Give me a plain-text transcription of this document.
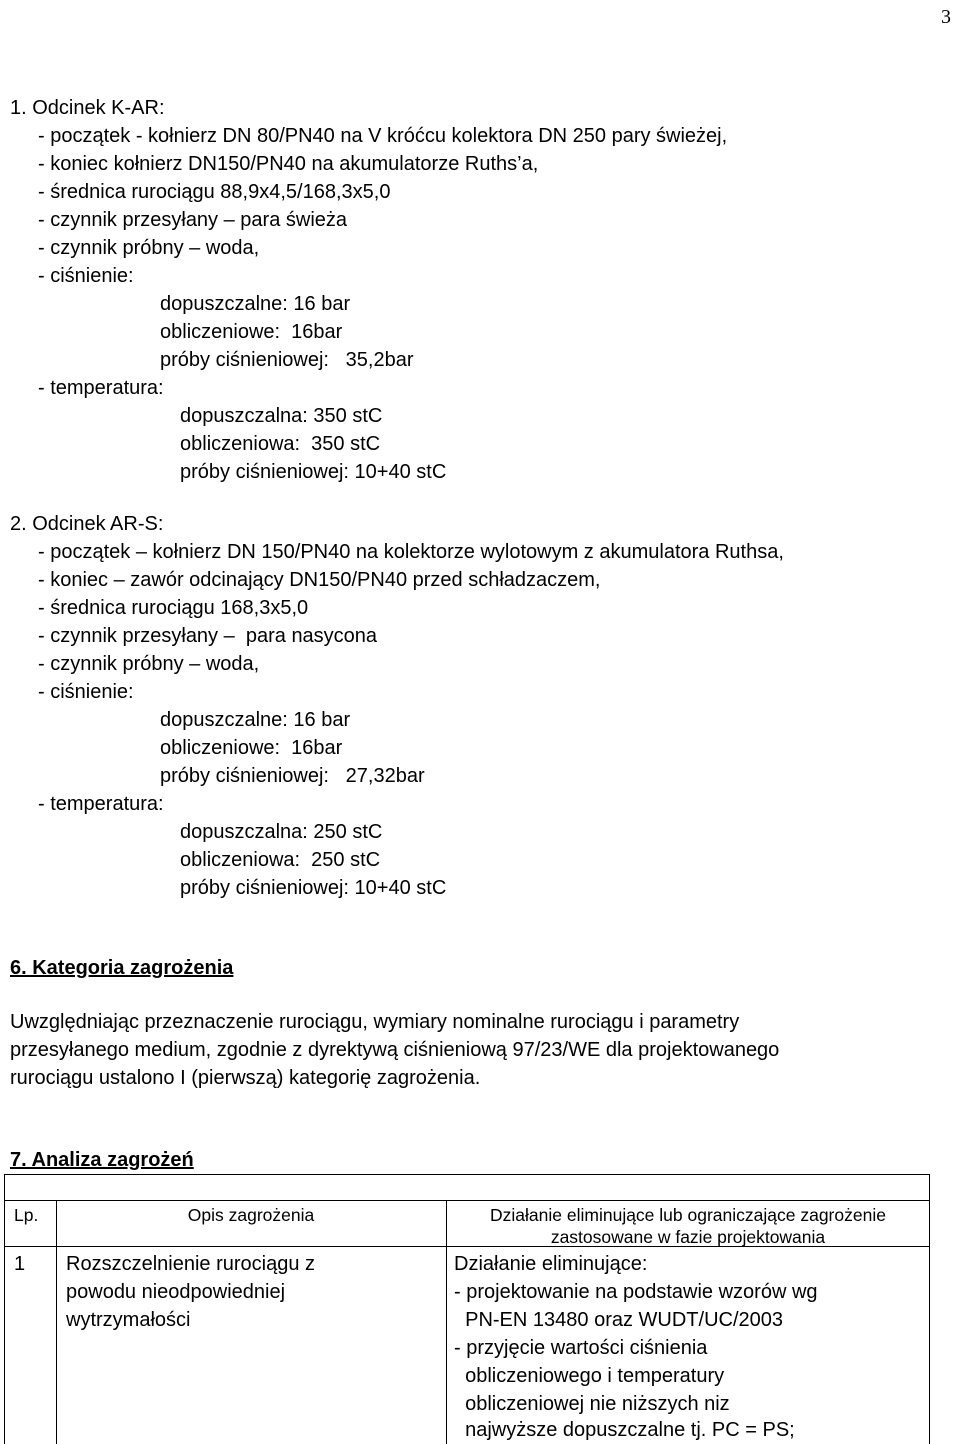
3
1. Odcinek K-AR:
- początek - kołnierz DN 80/PN40 na V króćcu kolektora DN 250 pary świeżej,
- koniec kołnierz DN150/PN40 na akumulatorze Ruths’a,
- średnica rurociągu 88,9x4,5/168,3x5,0
- czynnik przesyłany – para świeża
- czynnik próbny – woda,
- ciśnienie:
dopuszczalne: 16 bar
obliczeniowe:  16bar
próby ciśnieniowej:   35,2bar
- temperatura:
dopuszczalna: 350 stC
obliczeniowa:  350 stC
próby ciśnieniowej: 10+40 stC
2. Odcinek AR-S:
- początek – kołnierz DN 150/PN40 na kolektorze wylotowym z akumulatora Ruthsa,
- koniec – zawór odcinający DN150/PN40 przed schładzaczem,
- średnica rurociągu 168,3x5,0
- czynnik przesyłany –  para nasycona
- czynnik próbny – woda,
- ciśnienie:
dopuszczalne: 16 bar
obliczeniowe:  16bar
próby ciśnieniowej:   27,32bar
- temperatura:
dopuszczalna: 250 stC
obliczeniowa:  250 stC
próby ciśnieniowej: 10+40 stC
6. Kategoria zagrożenia
Uwzględniając przeznaczenie rurociągu, wymiary nominalne rurociągu i parametry
przesyłanego medium, zgodnie z dyrektywą ciśnieniową 97/23/WE dla projektowanego
rurociągu ustalono I (pierwszą) kategorię zagrożenia.
7. Analiza zagrożeń
Lp.	Opis zagrożenia	Działanie eliminujące lub ograniczające zagrożenie
zastosowane w fazie projektowania
1 Rozszczelnienie rurociągu z
powodu nieodpowiedniej
wytrzymałości
Działanie eliminujące:
- projektowanie na podstawie wzorów wg
PN-EN 13480 oraz WUDT/UC/2003
- przyjęcie wartości ciśnienia
obliczeniowego i temperatury
obliczeniowej nie niższych niz
najwyższe dopuszczalne tj. PC = PS;
